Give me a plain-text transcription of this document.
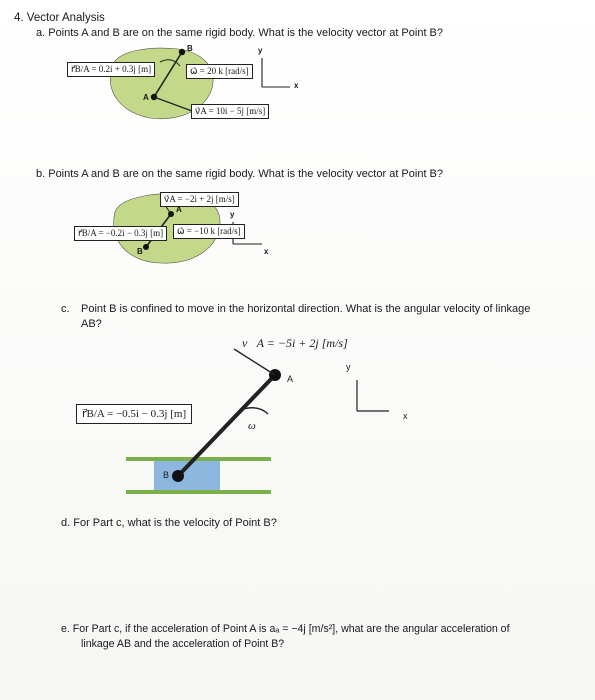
4. Vector Analysis
a. Points A and B are on the same rigid body. What is the velocity vector at Point B?
r⃗B/A = 0.2i + 0.3j [m]	ω⃗ = 20 k [rad/s]
v⃗A = 10i − 5j [m/s]
B
A
y
x
b. Points A and B are on the same rigid body. What is the velocity vector at Point B?
v⃗A = −2i + 2j [m/s]
r⃗B/A = −0.2i − 0.3j [m]	ω⃗ = −10 k [rad/s]
A
B
y
x
c. Point B is confined to move in the horizontal direction. What is the angular velocity of linkage
AB?
v⃗A = −5i + 2j [m/s]
r⃗B/A = −0.5i − 0.3j [m]
ω
A
B
y
x
d. For Part c, what is the velocity of Point B?
e. For Part c, if the acceleration of Point A is aₐ = −4j [m/s²], what are the angular acceleration of
linkage AB and the acceleration of Point B?
